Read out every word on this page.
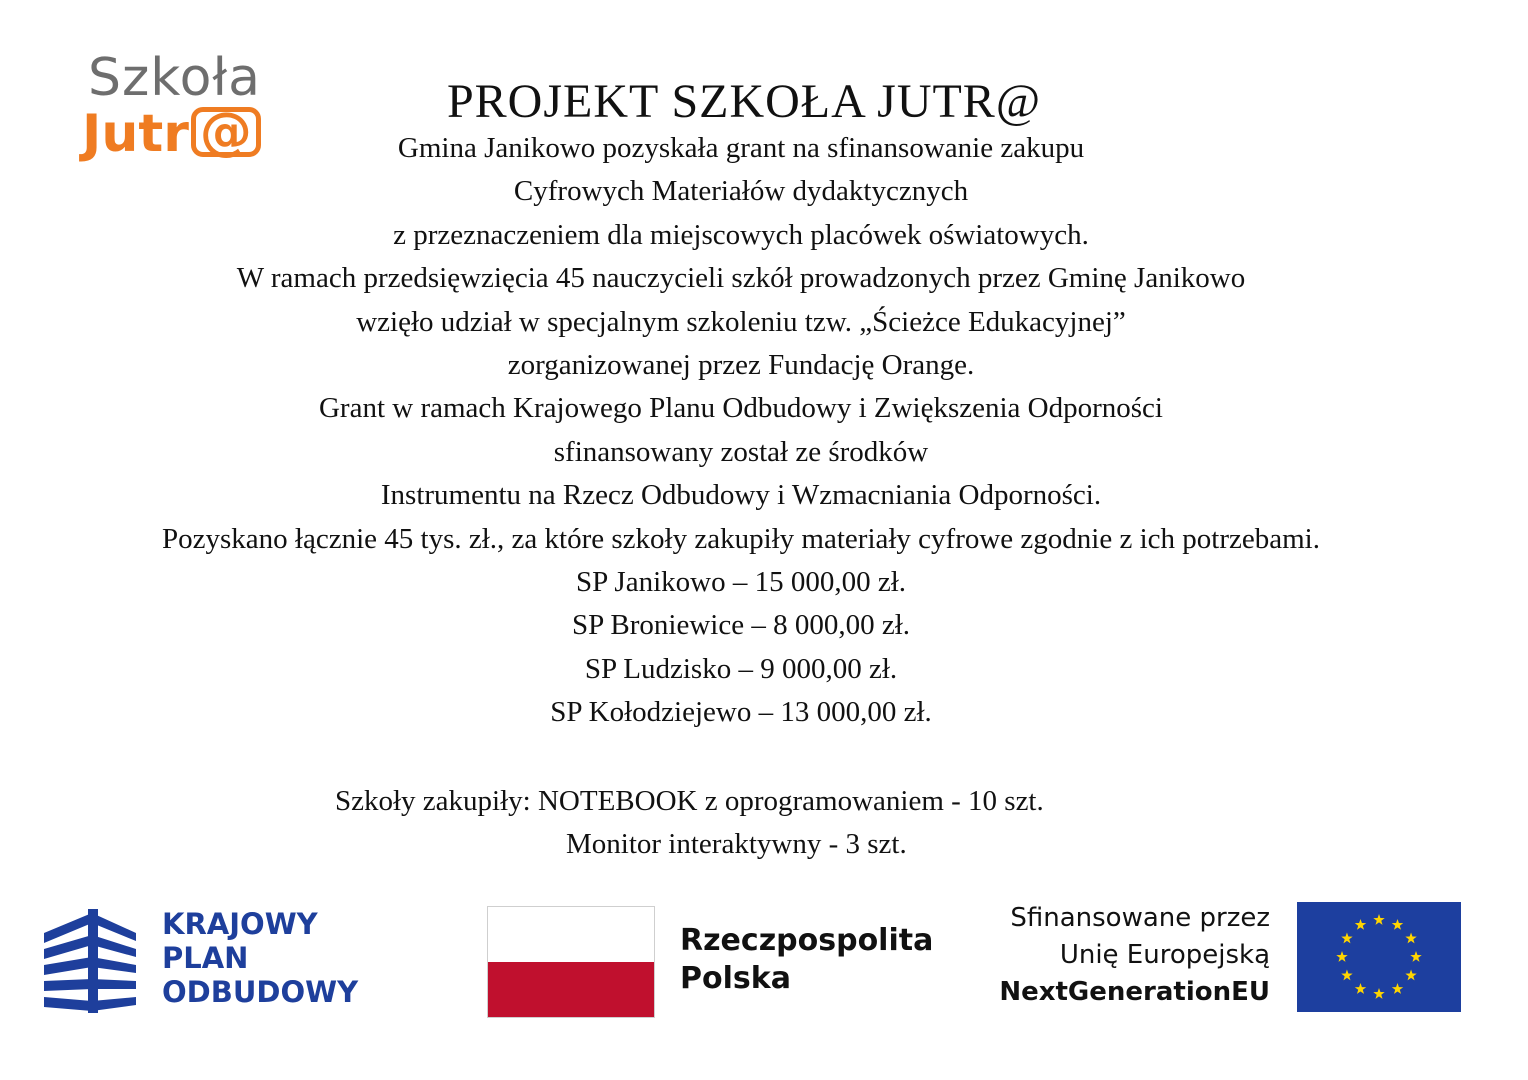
Szkoła
Jutr @
PROJEKT SZKOŁA JUTR@
Gmina Janikowo pozyskała grant na sfinansowanie zakupu
Cyfrowych Materiałów dydaktycznych
z przeznaczeniem dla miejscowych placówek oświatowych.
W ramach przedsięwzięcia 45 nauczycieli szkół prowadzonych przez Gminę Janikowo
wzięło udział w specjalnym szkoleniu tzw. „Ścieżce Edukacyjnej”
zorganizowanej przez Fundację Orange.
Grant w ramach Krajowego Planu Odbudowy i Zwiększenia Odporności
sfinansowany został ze środków
Instrumentu na Rzecz Odbudowy i Wzmacniania Odporności.
Pozyskano łącznie 45 tys. zł., za które szkoły zakupiły materiały cyfrowe zgodnie z ich potrzebami.
SP Janikowo – 15 000,00 zł.
SP Broniewice – 8 000,00 zł.
SP Ludzisko – 9 000,00 zł.
SP Kołodziejewo – 13 000,00 zł.
Szkoły zakupiły: NOTEBOOK z oprogramowaniem - 10 szt.
Monitor interaktywny - 3 szt.
KRAJOWY
PLAN
ODBUDOWY
Rzeczpospolita
Polska
Sfinansowane przez
Unię Europejską
NextGenerationEU
